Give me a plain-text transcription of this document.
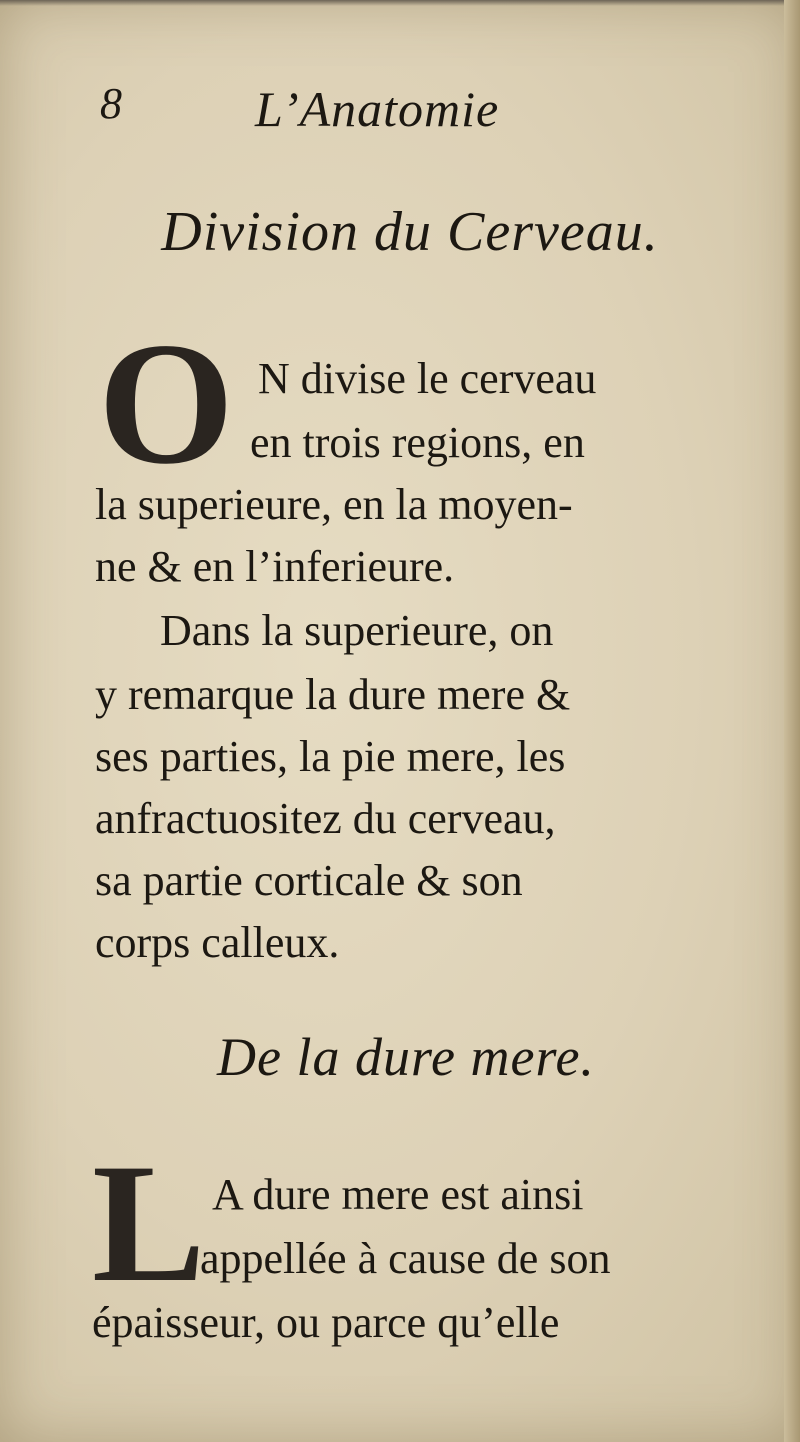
8	L’Anatomie
Division du Cerveau.
O N divise le cerveau
en trois regions, en
la superieure, en la moyen-
ne & en l’inferieure.
Dans la superieure, on
y remarque la dure mere &
ses parties, la pie mere, les
anfractuositez du cerveau,
sa partie corticale & son
corps calleux.
De la dure mere.
L A dure mere est ainsi
appellée à cause de son
épaisseur, ou parce qu’elle
